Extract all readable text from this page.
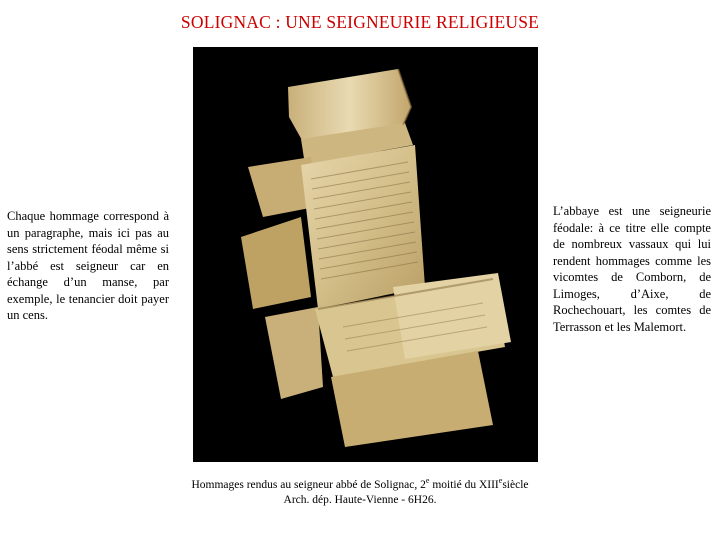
SOLIGNAC : UNE SEIGNEURIE RELIGIEUSE
Chaque hommage correspond à un paragraphe, mais ici pas au sens strictement féodal même si l’abbé est seigneur car en échange d’un manse, par exemple, le tenancier doit payer un cens.
L’abbaye est une seigneurie féodale: à ce titre elle compte de nombreux vassaux qui lui rendent hommages comme les vicomtes de Comborn, de Limoges, d’Aixe, de Rochechouart, les comtes de Terrasson et les Malemort.
Hommages rendus au seigneur abbé de Solignac, 2e moitié du XIIIesiècle
Arch. dép. Haute-Vienne - 6H26.
